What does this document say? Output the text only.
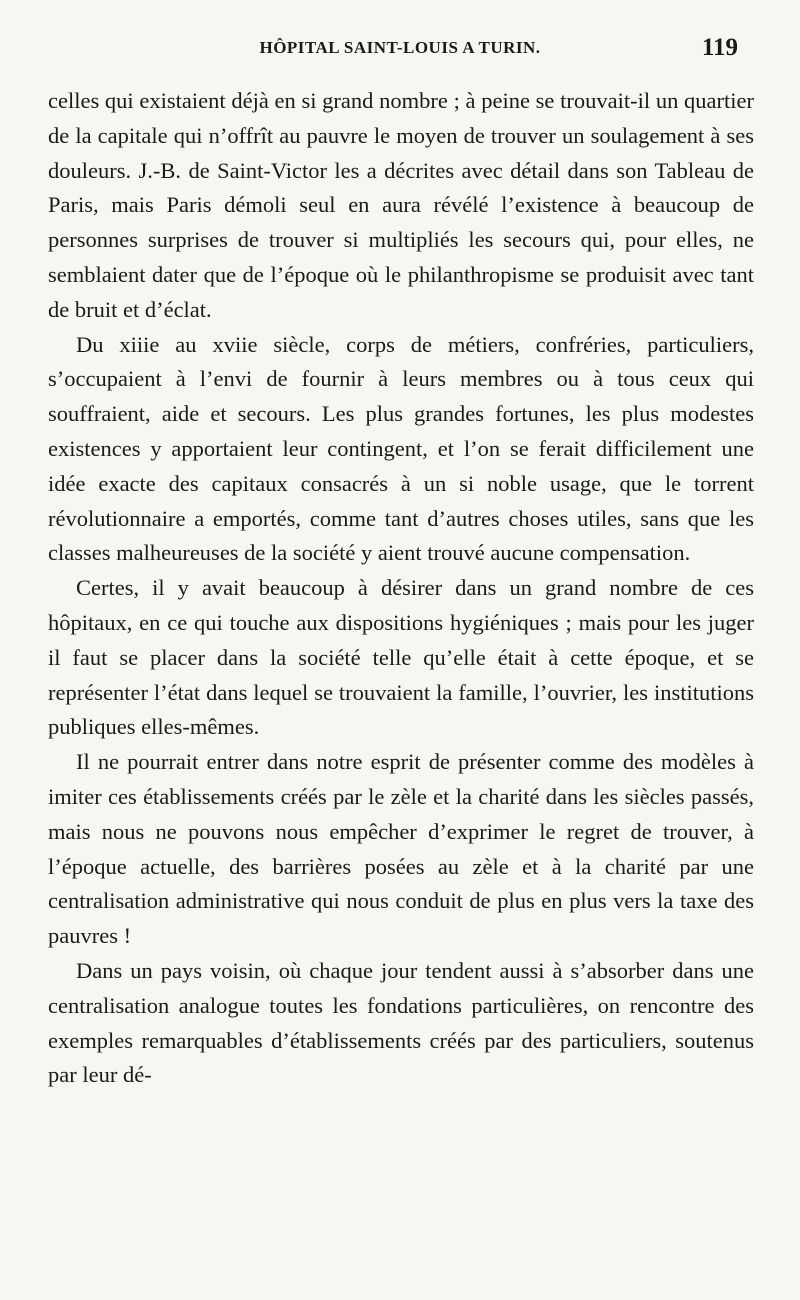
HÔPITAL SAINT-LOUIS A TURIN.	119

celles qui existaient déjà en si grand nombre ; à peine se trouvait-il un quartier de la capitale qui n’offrît au pauvre le moyen de trouver un soulagement à ses douleurs. J.-B. de Saint-Victor les a décrites avec détail dans son Tableau de Paris, mais Paris démoli seul en aura révélé l’existence à beaucoup de personnes surprises de trouver si multipliés les secours qui, pour elles, ne semblaient dater que de l’époque où le philanthropisme se produisit avec tant de bruit et d’éclat.

Du xiiie au xviie siècle, corps de métiers, confréries, particuliers, s’occupaient à l’envi de fournir à leurs membres ou à tous ceux qui souffraient, aide et secours. Les plus grandes fortunes, les plus modestes existences y apportaient leur contingent, et l’on se ferait difficilement une idée exacte des capitaux consacrés à un si noble usage, que le torrent révolutionnaire a emportés, comme tant d’autres choses utiles, sans que les classes malheureuses de la société y aient trouvé aucune compensation.

Certes, il y avait beaucoup à désirer dans un grand nombre de ces hôpitaux, en ce qui touche aux dispositions hygiéniques ; mais pour les juger il faut se placer dans la société telle qu’elle était à cette époque, et se représenter l’état dans lequel se trouvaient la famille, l’ouvrier, les institutions publiques elles-mêmes.

Il ne pourrait entrer dans notre esprit de présenter comme des modèles à imiter ces établissements créés par le zèle et la charité dans les siècles passés, mais nous ne pouvons nous empêcher d’exprimer le regret de trouver, à l’époque actuelle, des barrières posées au zèle et à la charité par une centralisation administrative qui nous conduit de plus en plus vers la taxe des pauvres !

Dans un pays voisin, où chaque jour tendent aussi à s’absorber dans une centralisation analogue toutes les fondations particulières, on rencontre des exemples remarquables d’établissements créés par des particuliers, soutenus par leur dé-
